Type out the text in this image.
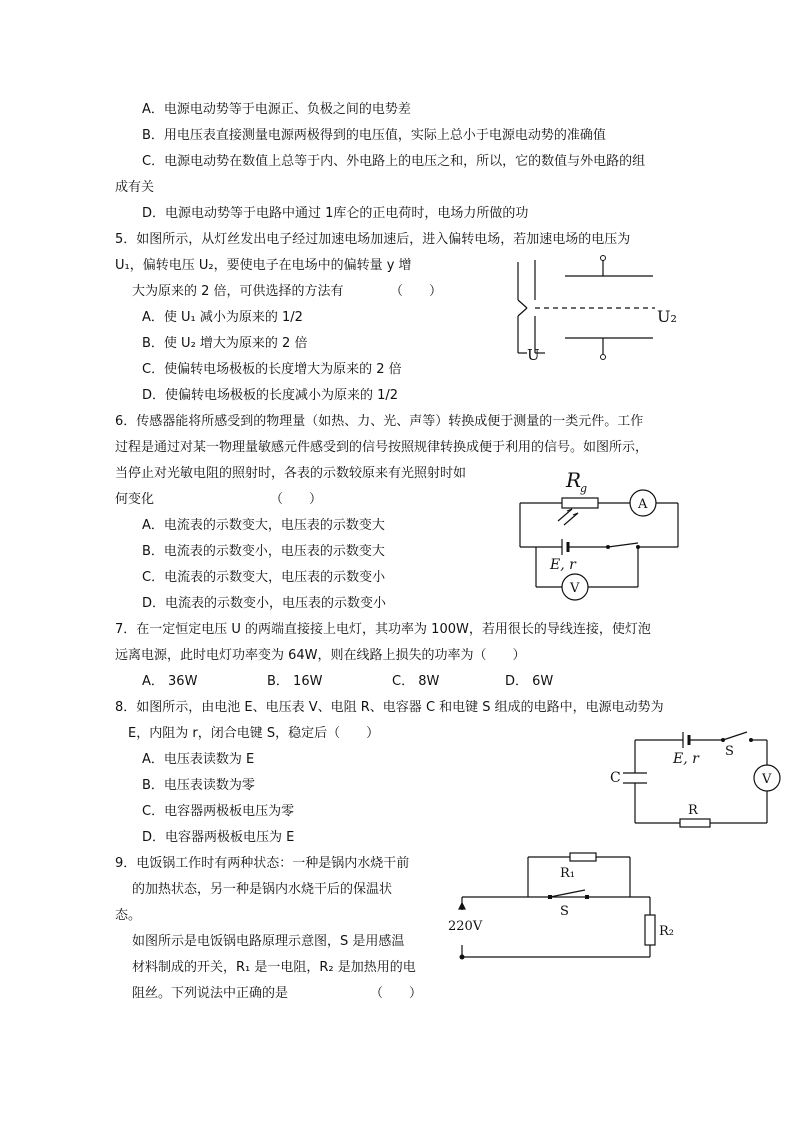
A．电源电动势等于电源正、负极之间的电势差
B．用电压表直接测量电源两极得到的电压值，实际上总小于电源电动势的准确值
C．电源电动势在数值上总等于内、外电路上的电压之和，所以，它的数值与外电路的组
成有关
D．电源电动势等于电路中通过 1库仑的正电荷时，电场力所做的功
5．如图所示，从灯丝发出电子经过加速电场加速后，进入偏转电场，若加速电场的电压为
U₁，偏转电压 U₂，要使电子在电场中的偏转量 y 增
大为原来的 2 倍，可供选择的方法有	（　　）
A．使 U₁ 减小为原来的 1/2
B．使 U₂ 增大为原来的 2 倍
C．使偏转电场极板的长度增大为原来的 2 倍
D．使偏转电场极板的长度减小为原来的 1/2
U
U₂
6．传感器能将所感受到的物理量（如热、力、光、声等）转换成便于测量的一类元件。工作
过程是通过对某一物理量敏感元件感受到的信号按照规律转换成便于利用的信号。如图所示，
当停止对光敏电阻的照射时，各表的示数较原来有光照射时如
何变化	（　　）
A．电流表的示数变大，电压表的示数变大
B．电流表的示数变小，电压表的示数变大
C．电流表的示数变大，电压表的示数变小
D．电流表的示数变小，电压表的示数变小
R
g
A
V
E, r
7．在一定恒定电压 U 的两端直接接上电灯，其功率为 100W，若用很长的导线连接，使灯泡
远离电源，此时电灯功率变为 64W，则在线路上损失的功率为（　　）
A． 36W	B． 16W	C． 8W	D． 6W
8．如图所示，由电池 E、电压表 V、电阻 R、电容器 C 和电键 S 组成的电路中，电源电动势为
E，内阻为 r，闭合电键 S，稳定后（　　）
A．电压表读数为 E
B．电压表读数为零
C．电容器两极板电压为零
D．电容器两极板电压为 E
V
E, r S
C
R
9．电饭锅工作时有两种状态：一种是锅内水烧干前
的加热状态，另一种是锅内水烧干后的保温状
态。
如图所示是电饭锅电路原理示意图，S 是用感温
材料制成的开关，R₁ 是一电阻，R₂ 是加热用的电
阻丝。下列说法中正确的是	（　　）
R₁
S
220V	R₂
